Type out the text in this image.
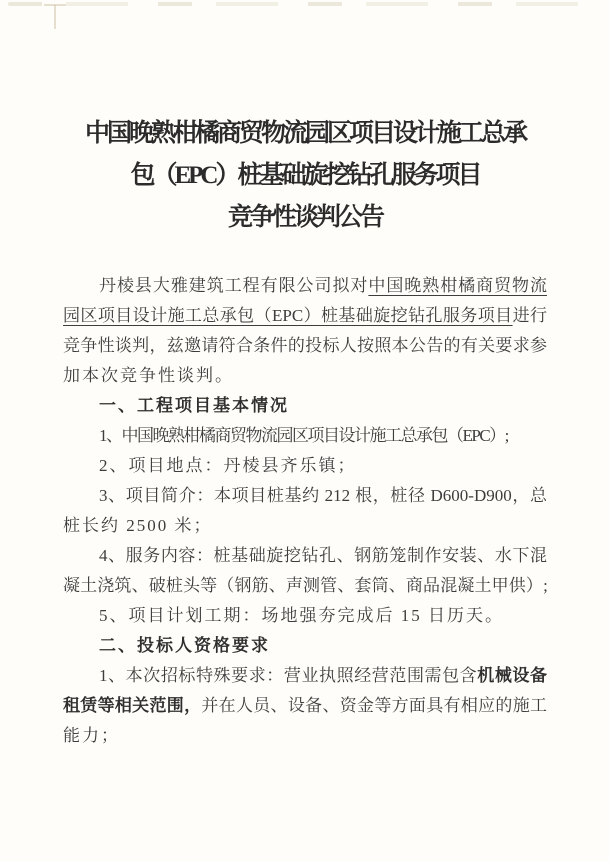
中国晚熟柑橘商贸物流园区项目设计施工总承
包（EPC）桩基础旋挖钻孔服务项目
竞争性谈判公告

丹棱县大雅建筑工程有限公司拟对中国晚熟柑橘商贸物流

园区项目设计施工总承包（EPC）桩基础旋挖钻孔服务项目进行

竞争性谈判，兹邀请符合条件的投标人按照本公告的有关要求参

加本次竞争性谈判。

一、工程项目基本情况

1、中国晚熟柑橘商贸物流园区项目设计施工总承包（EPC）;

2、项目地点：丹棱县齐乐镇；

3、项目简介：本项目桩基约 212 根，桩径 D600-D900，总

桩长约 2500 米；

4、服务内容：桩基础旋挖钻孔、钢筋笼制作安装、水下混

凝土浇筑、破桩头等（钢筋、声测管、套筒、商品混凝土甲供）;

5、项目计划工期：场地强夯完成后 15 日历天。

二、投标人资格要求

1、本次招标特殊要求：营业执照经营范围需包含机械设备

租赁等相关范围，并在人员、设备、资金等方面具有相应的施工

能力；
